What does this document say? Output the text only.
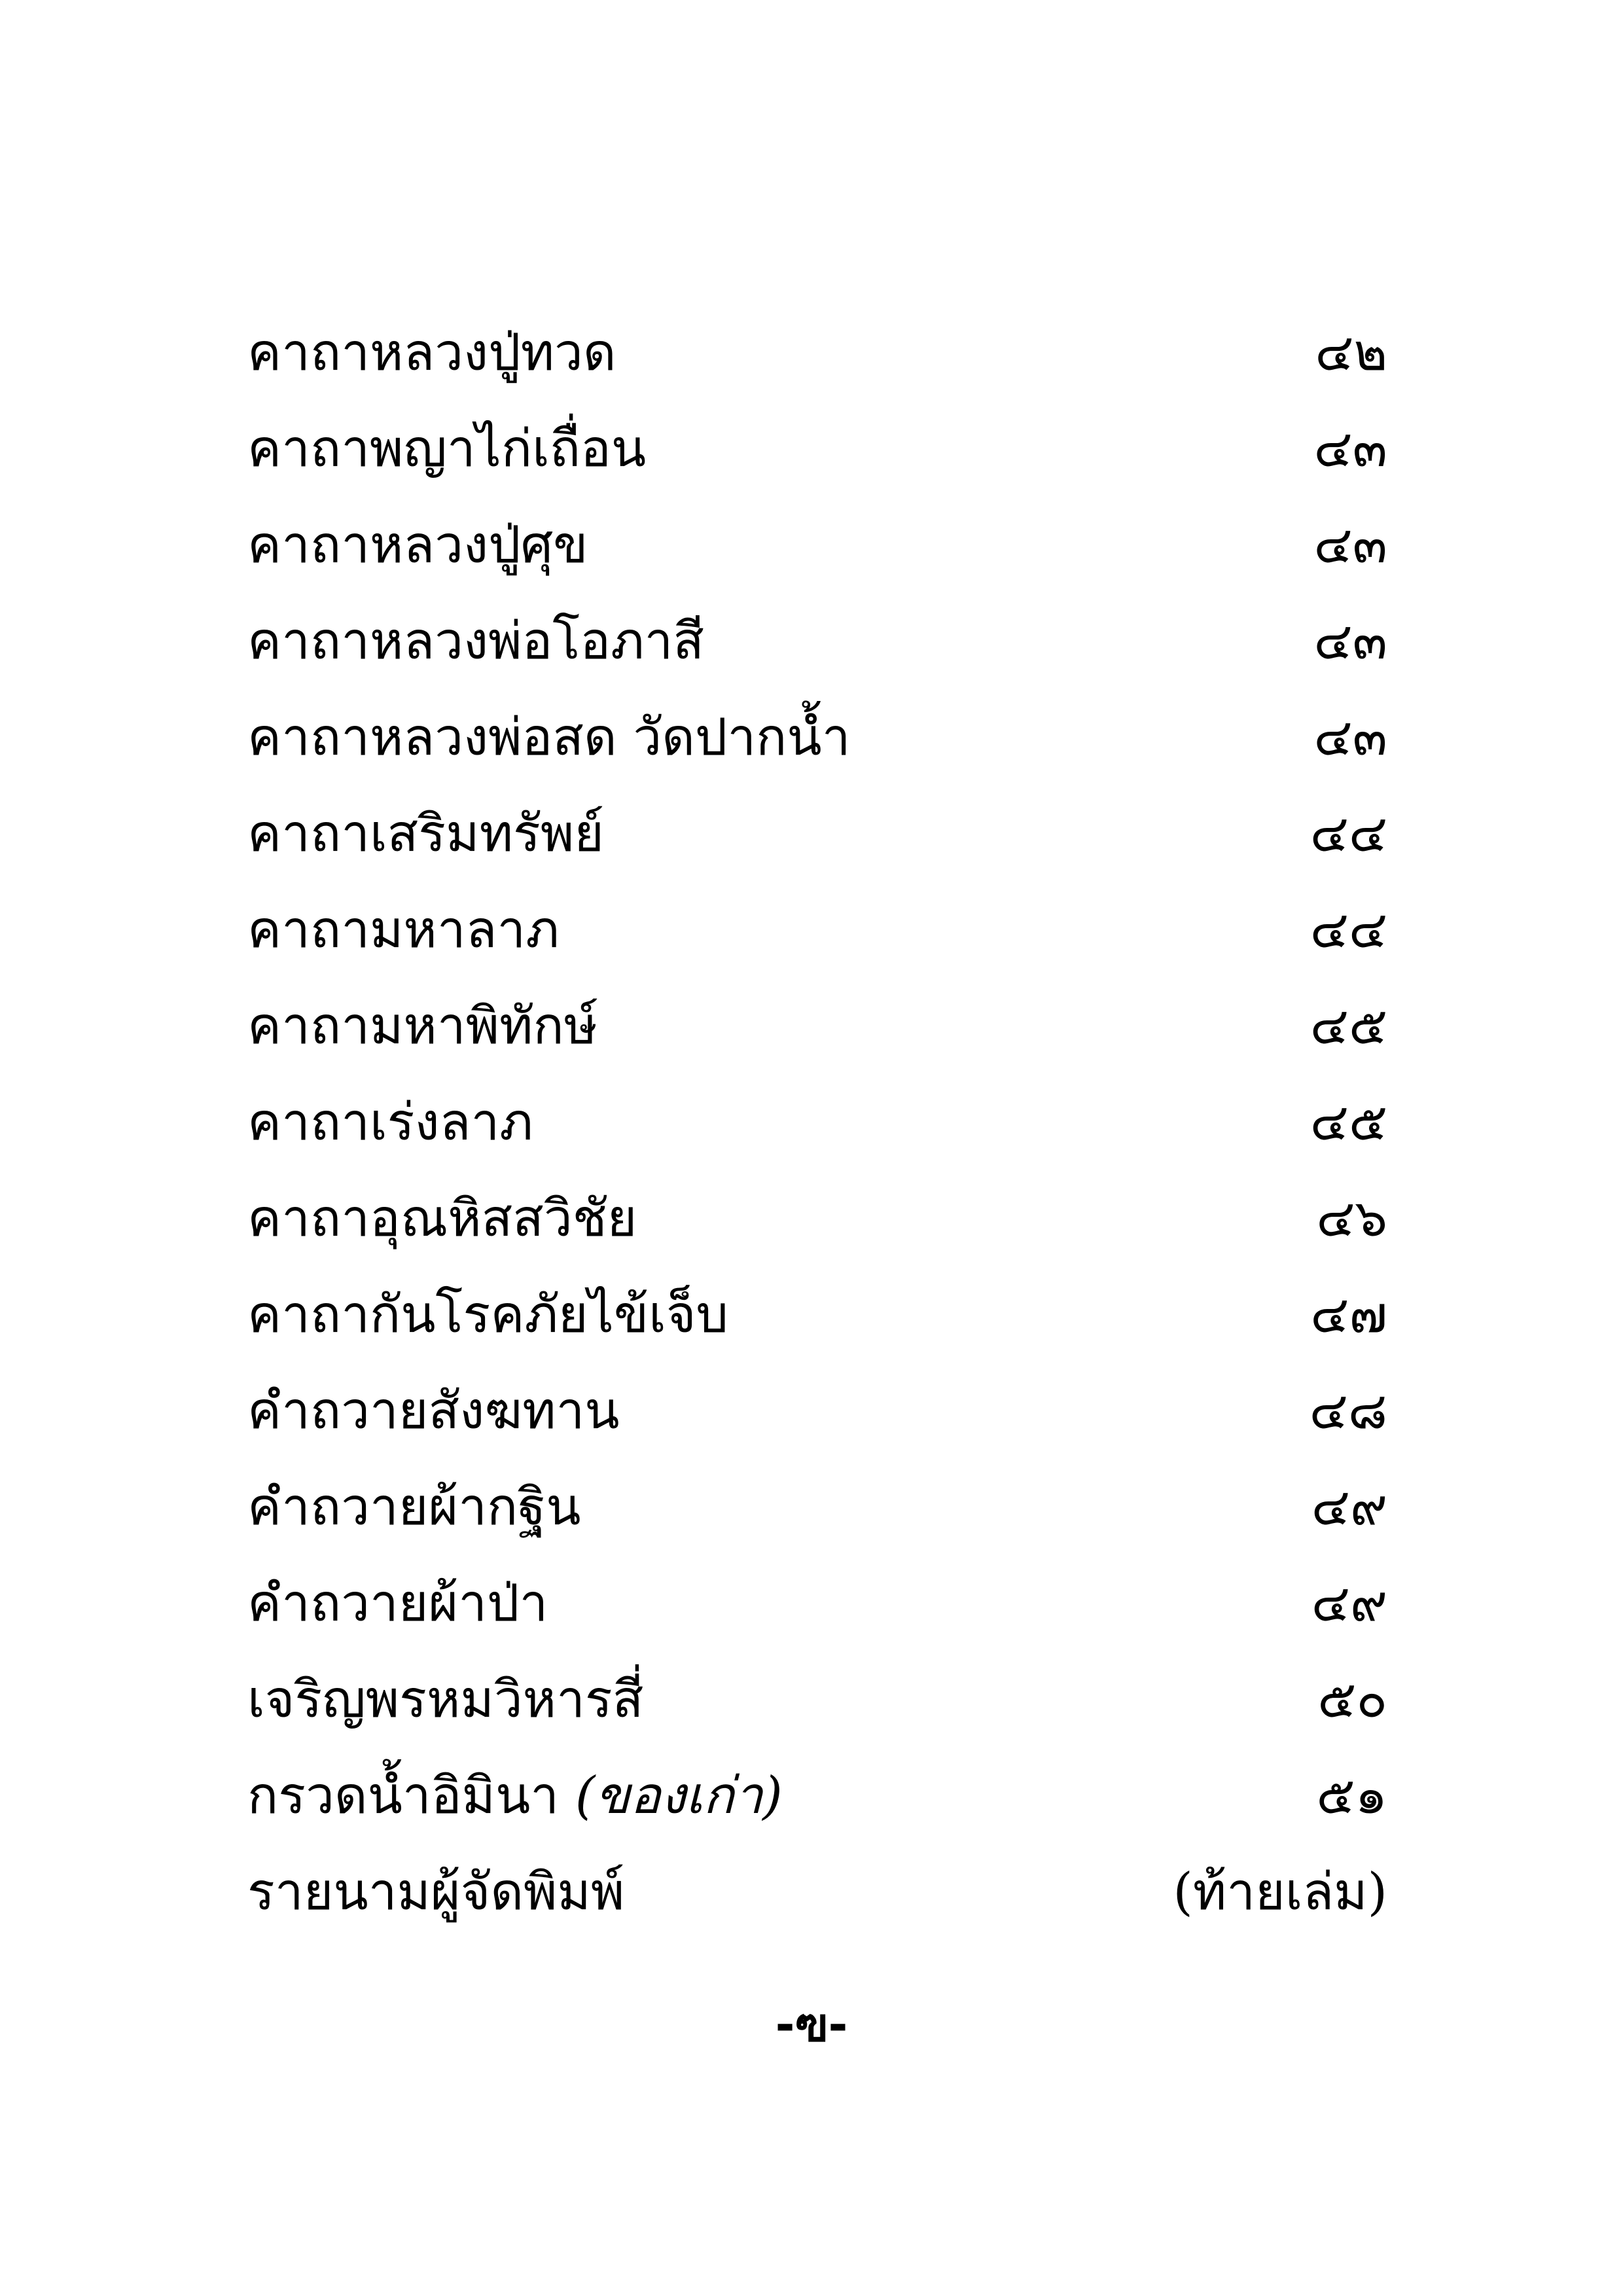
คาถาหลวงปู่ทวด	๔๒
คาถาพญาไก่เถื่อน	๔๓
คาถาหลวงปู่ศุข	๔๓
คาถาหลวงพ่อโอภาสี	๔๓
คาถาหลวงพ่อสด วัดปากน้ำ	๔๓
คาถาเสริมทรัพย์	๔๔
คาถามหาลาภ	๔๔
คาถามหาพิทักษ์	๔๕
คาถาเร่งลาภ	๔๕
คาถาอุณหิสสวิชัย	๔๖
คาถากันโรคภัยไข้เจ็บ	๔๗
คำถวายสังฆทาน	๔๘
คำถวายผ้ากฐิน	๔๙
คำถวายผ้าป่า	๔๙
เจริญพรหมวิหารสี่	๕๐
กรวดน้ำอิมินา (ของเก่า)	๕๑
รายนามผู้จัดพิมพ์	(ท้ายเล่ม)
-ฃ-
